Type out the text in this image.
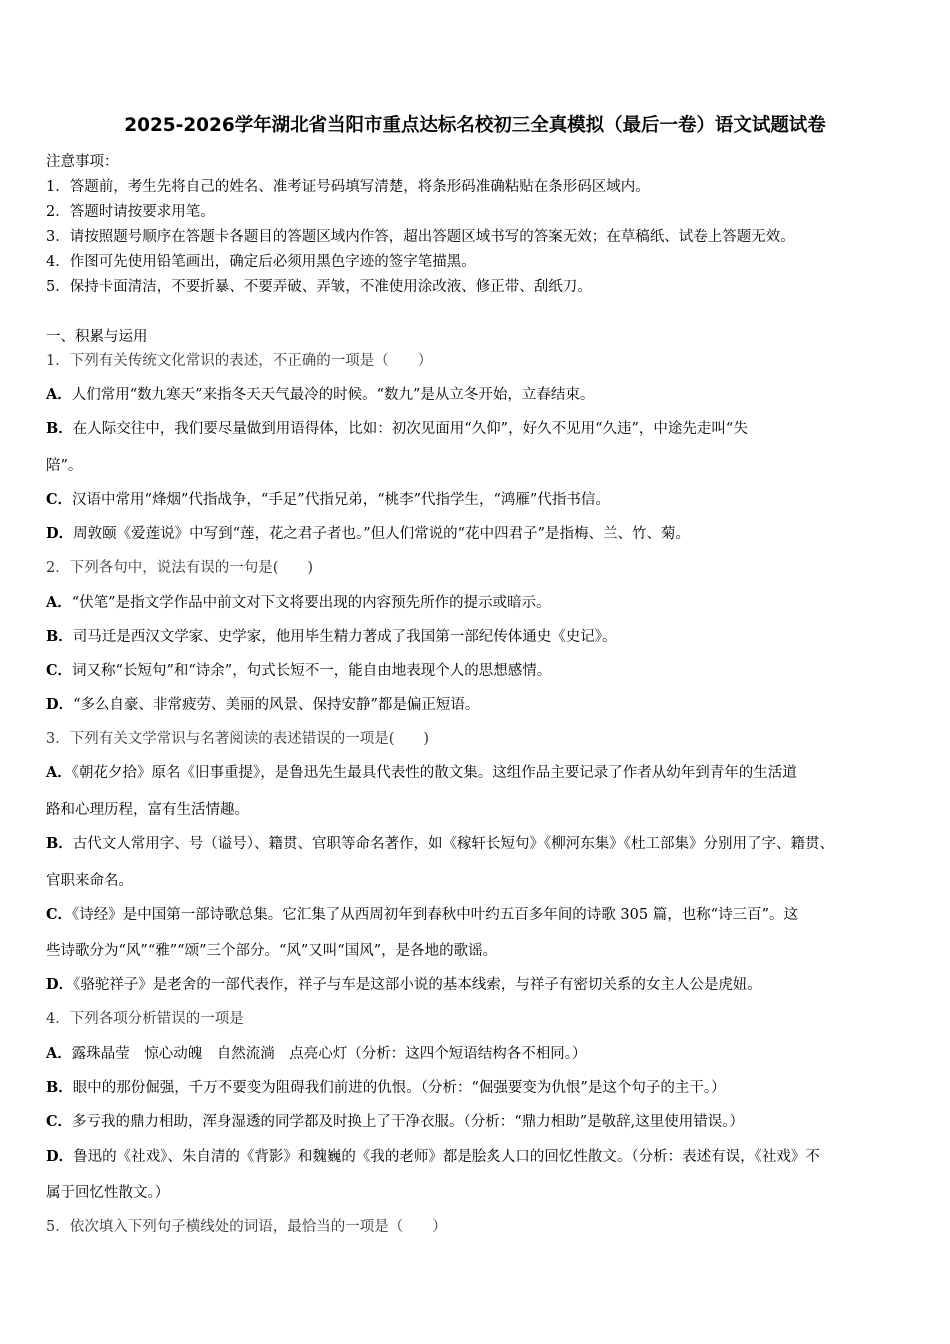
2025-2026学年湖北省当阳市重点达标名校初三全真模拟（最后一卷）语文试题试卷
注意事项：
1．答题前，考生先将自己的姓名、准考证号码填写清楚，将条形码准确粘贴在条形码区域内。
2．答题时请按要求用笔。
3．请按照题号顺序在答题卡各题目的答题区域内作答，超出答题区域书写的答案无效；在草稿纸、试卷上答题无效。
4．作图可先使用铅笔画出，确定后必须用黑色字迹的签字笔描黑。
5．保持卡面清洁，不要折暴、不要弄破、弄皱，不准使用涂改液、修正带、刮纸刀。
一、积累与运用
1．下列有关传统文化常识的表述，不正确的一项是（　　）
A．人们常用“数九寒天”来指冬天天气最冷的时候。“数九”是从立冬开始，立春结束。
B．在人际交往中，我们要尽量做到用语得体，比如：初次见面用“久仰”，好久不见用“久违”，中途先走叫“失
陪”。
C．汉语中常用“烽烟”代指战争，“手足”代指兄弟，“桃李”代指学生，“鸿雁”代指书信。
D．周敦颐《爱莲说》中写到“莲，花之君子者也。”但人们常说的“花中四君子”是指梅、兰、竹、菊。
2．下列各句中，说法有误的一句是(　　)
A．“伏笔”是指文学作品中前文对下文将要出现的内容预先所作的提示或暗示。
B．司马迁是西汉文学家、史学家，他用毕生精力著成了我国第一部纪传体通史《史记》。
C．词又称“长短句”和“诗余”，句式长短不一，能自由地表现个人的思想感情。
D．“多么自豪、非常疲劳、美丽的风景、保持安静”都是偏正短语。
3．下列有关文学常识与名著阅读的表述错误的一项是(　　)
A．《朝花夕拾》原名《旧事重提》，是鲁迅先生最具代表性的散文集。这组作品主要记录了作者从幼年到青年的生活道
路和心理历程，富有生活情趣。
B．古代文人常用字、号（谥号）、籍贯、官职等命名著作，如《稼轩长短句》《柳河东集》《杜工部集》分别用了字、籍贯、
官职来命名。
C．《诗经》是中国第一部诗歌总集。它汇集了从西周初年到春秋中叶约五百多年间的诗歌 305 篇，也称“诗三百”。这
些诗歌分为“风”“雅”“颂”三个部分。“风”又叫“国风”，是各地的歌谣。
D．《骆驼祥子》是老舍的一部代表作，祥子与车是这部小说的基本线索，与祥子有密切关系的女主人公是虎妞。
4．下列各项分析错误的一项是
A．露珠晶莹　惊心动魄　自然流淌　点亮心灯（分析：这四个短语结构各不相同。）
B．眼中的那份倔强，千万不要变为阻碍我们前进的仇恨。（分析：“倔强要变为仇恨”是这个句子的主干。）
C．多亏我的鼎力相助，浑身湿透的同学都及时换上了干净衣服。（分析：“鼎力相助”是敬辞,这里使用错误。）
D．鲁迅的《社戏》、朱自清的《背影》和魏巍的《我的老师》都是脍炙人口的回忆性散文。（分析：表述有误，《社戏》不
属于回忆性散文。）
5．依次填入下列句子横线处的词语，最恰当的一项是（　　）
